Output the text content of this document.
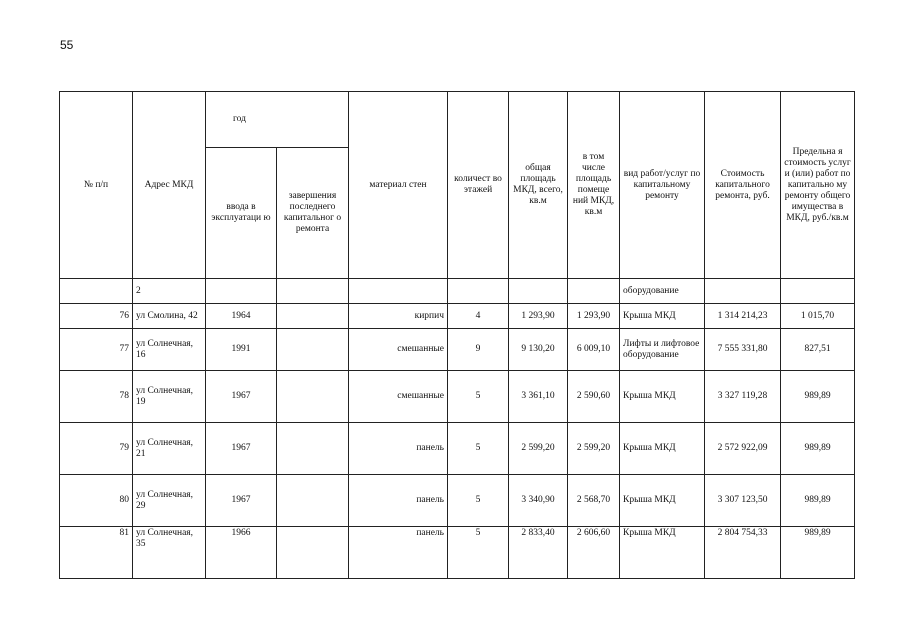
55
№ п/п	Адрес МКД	год		материал стен	количест во этажей	общая площадь МКД, всего, кв.м	в том числе площадь помеще ний МКД, кв.м	вид работ/услуг по капитальному ремонту	Стоимость капитального ремонта, руб.	Предельна я стоимость услуг и (или) работ по капитально му ремонту общего имущества в МКД, руб./кв.м
		ввода в эксплуатаци ю	завершения последнего капитальног о ремонта							
	2							оборудование		
76	ул Смолина, 42	1964		кирпич	4	1 293,90	1 293,90	Крыша МКД	1 314 214,23	1 015,70
77	ул Солнечная, 16	1991		смешанные	9	9 130,20	6 009,10	Лифты и лифтовое оборудование	7 555 331,80	827,51
78	ул Солнечная, 19	1967		смешанные	5	3 361,10	2 590,60	Крыша МКД	3 327 119,28	989,89
79	ул Солнечная, 21	1967		панель	5	2 599,20	2 599,20	Крыша МКД	2 572 922,09	989,89
80	ул Солнечная, 29	1967		панель	5	3 340,90	2 568,70	Крыша МКД	3 307 123,50	989,89
81	ул Солнечная, 35	1966		панель	5	2 833,40	2 606,60	Крыша МКД	2 804 754,33	989,89
